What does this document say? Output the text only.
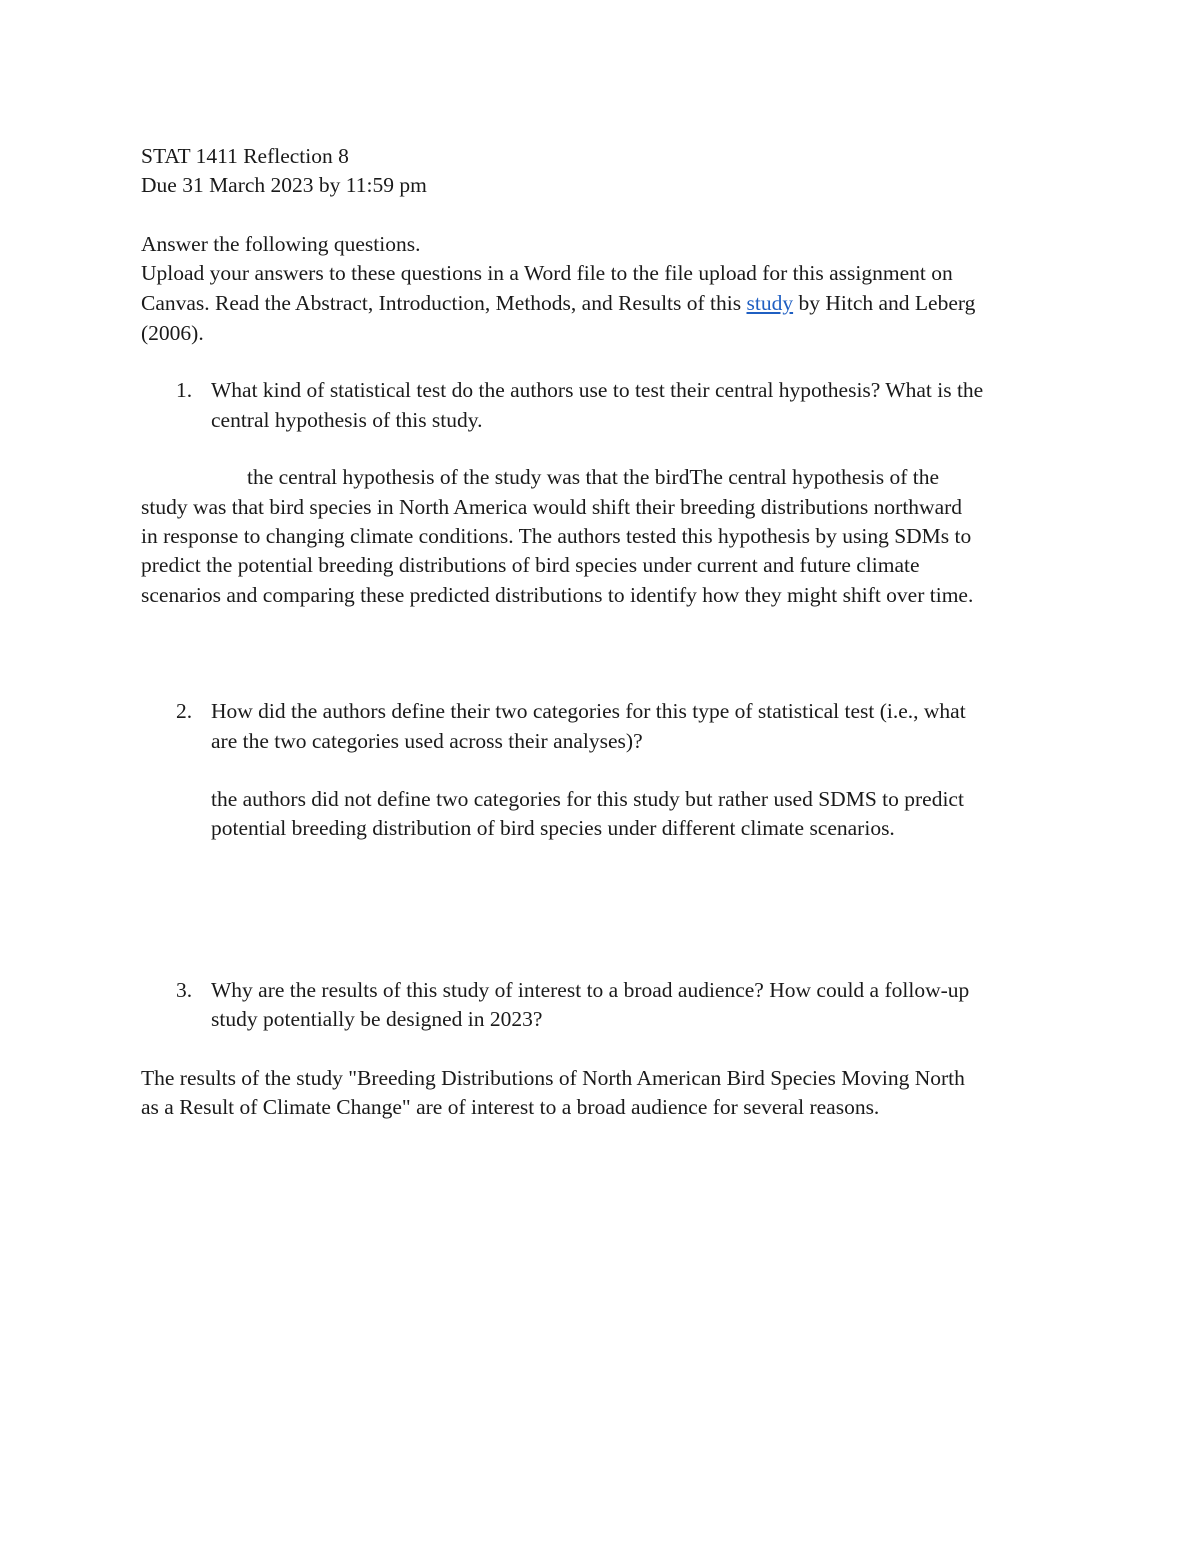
STAT 1411 Reflection 8

Due 31 March 2023 by 11:59 pm

Answer the following questions.

Upload your answers to these questions in a Word file to the file upload for this assignment on

Canvas. Read the Abstract, Introduction, Methods, and Results of this study by Hitch and Leberg

(2006).

1. What kind of statistical test do the authors use to test their central hypothesis? What is the

central hypothesis of this study.

the central hypothesis of the study was that the birdThe central hypothesis of the

study was that bird species in North America would shift their breeding distributions northward

in response to changing climate conditions. The authors tested this hypothesis by using SDMs to

predict the potential breeding distributions of bird species under current and future climate

scenarios and comparing these predicted distributions to identify how they might shift over time.

2. How did the authors define their two categories for this type of statistical test (i.e., what

are the two categories used across their analyses)?

the authors did not define two categories for this study but rather used SDMS to predict

potential breeding distribution of bird species under different climate scenarios.

3. Why are the results of this study of interest to a broad audience? How could a follow-up

study potentially be designed in 2023?

The results of the study "Breeding Distributions of North American Bird Species Moving North

as a Result of Climate Change" are of interest to a broad audience for several reasons.
